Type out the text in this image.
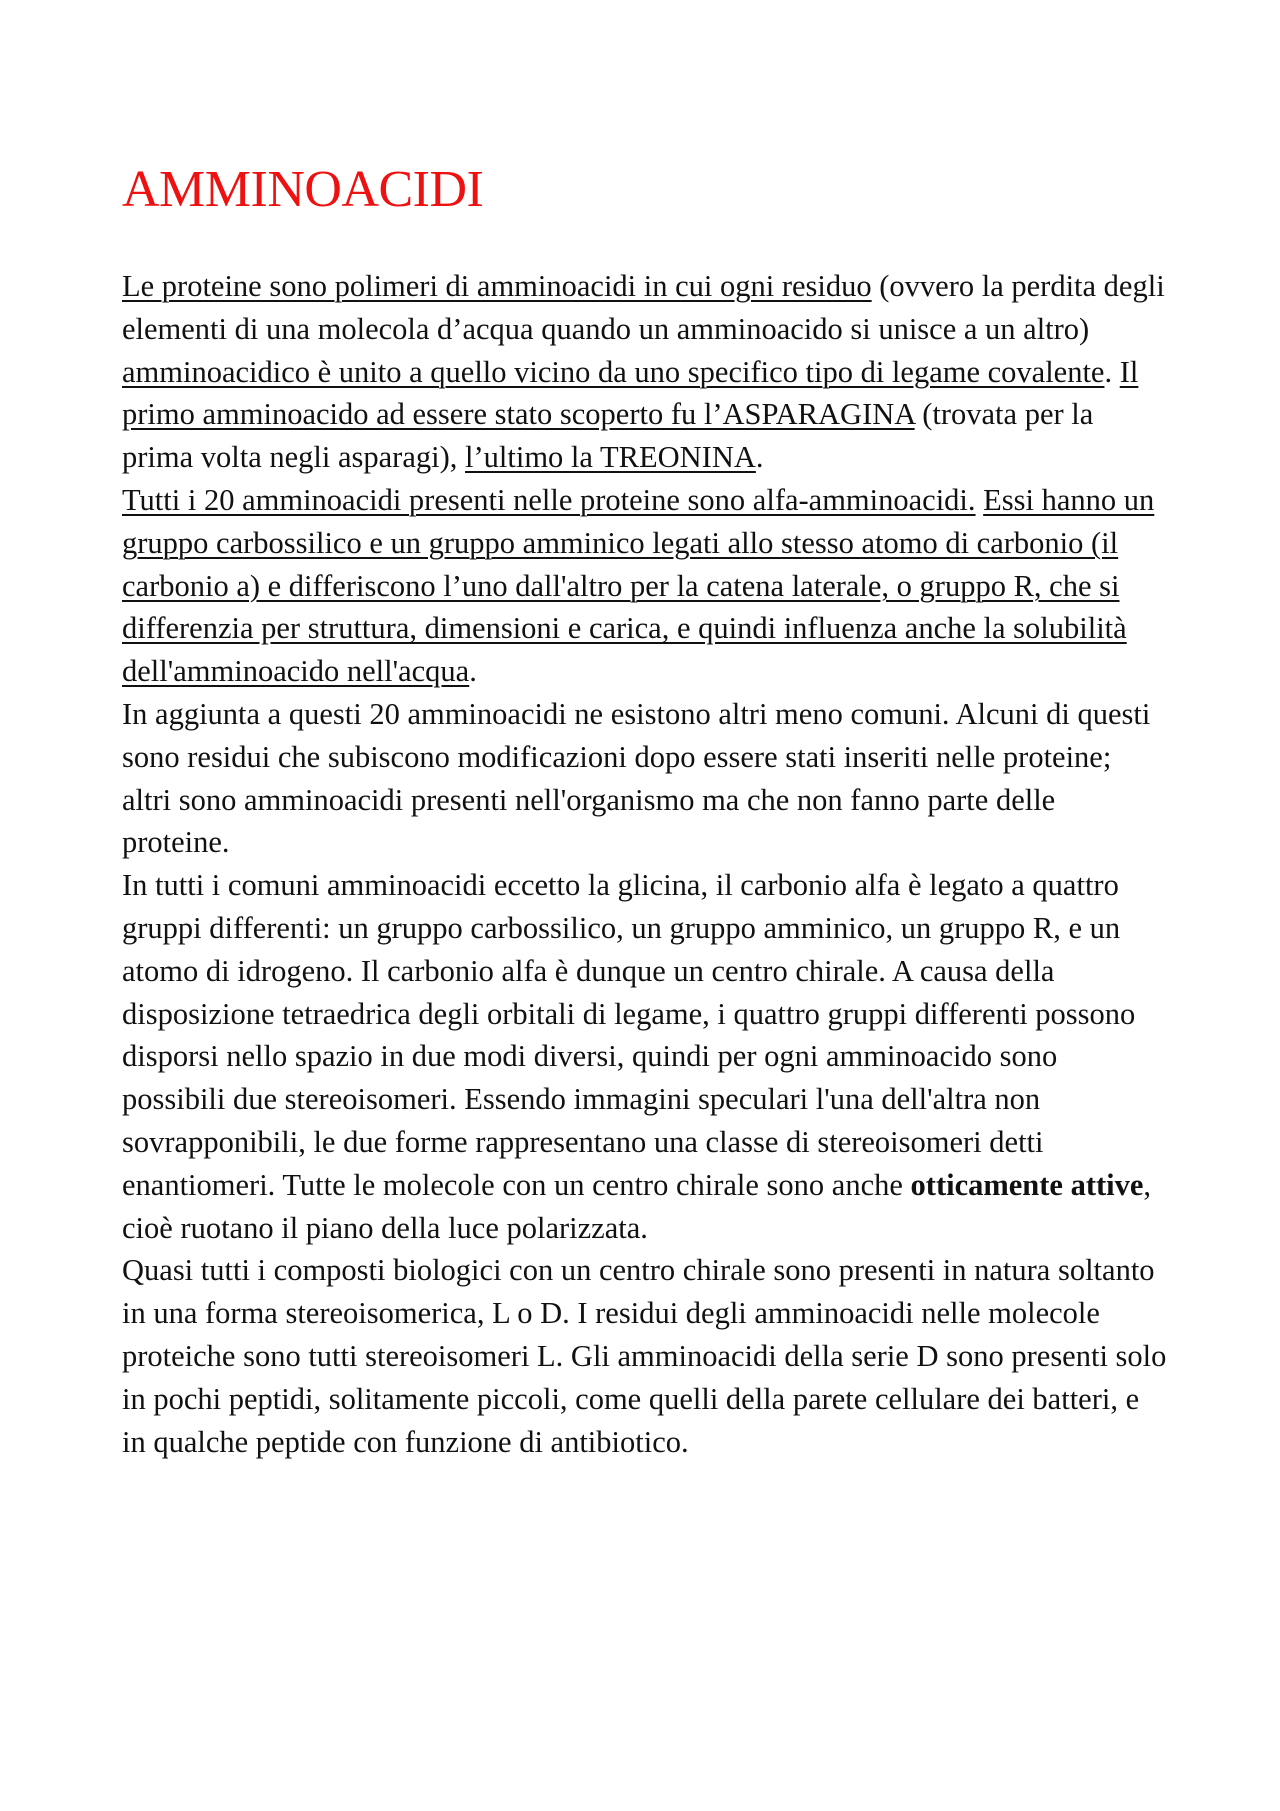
AMMINOACIDI

Le proteine sono polimeri di amminoacidi in cui ogni residuo (ovvero la perdita degli elementi di una molecola d’acqua quando un amminoacido si unisce a un altro) amminoacidico è unito a quello vicino da uno specifico tipo di legame covalente. Il primo amminoacido ad essere stato scoperto fu l’ASPARAGINA (trovata per la prima volta negli asparagi), l’ultimo la TREONINA.

Tutti i 20 amminoacidi presenti nelle proteine sono alfa-amminoacidi. Essi hanno un gruppo carbossilico e un gruppo amminico legati allo stesso atomo di carbonio (il carbonio a) e differiscono l’uno dall'altro per la catena laterale, o gruppo R, che si differenzia per struttura, dimensioni e carica, e quindi influenza anche la solubilità dell'amminoacido nell'acqua.

In aggiunta a questi 20 amminoacidi ne esistono altri meno comuni. Alcuni di questi sono residui che subiscono modificazioni dopo essere stati inseriti nelle proteine; altri sono amminoacidi presenti nell'organismo ma che non fanno parte delle proteine.

In tutti i comuni amminoacidi eccetto la glicina, il carbonio alfa è legato a quattro gruppi differenti: un gruppo carbossilico, un gruppo amminico, un gruppo R, e un atomo di idrogeno. Il carbonio alfa è dunque un centro chirale. A causa della disposizione tetraedrica degli orbitali di legame, i quattro gruppi differenti possono disporsi nello spazio in due modi diversi, quindi per ogni amminoacido sono possibili due stereoisomeri. Essendo immagini speculari l'una dell'altra non sovrapponibili, le due forme rappresentano una classe di stereoisomeri detti enantiomeri. Tutte le molecole con un centro chirale sono anche otticamente attive, cioè ruotano il piano della luce polarizzata.

Quasi tutti i composti biologici con un centro chirale sono presenti in natura soltanto in una forma stereoisomerica, L o D. I residui degli amminoacidi nelle molecole proteiche sono tutti stereoisomeri L. Gli amminoacidi della serie D sono presenti solo in pochi peptidi, solitamente piccoli, come quelli della parete cellulare dei batteri, e in qualche peptide con funzione di antibiotico.
